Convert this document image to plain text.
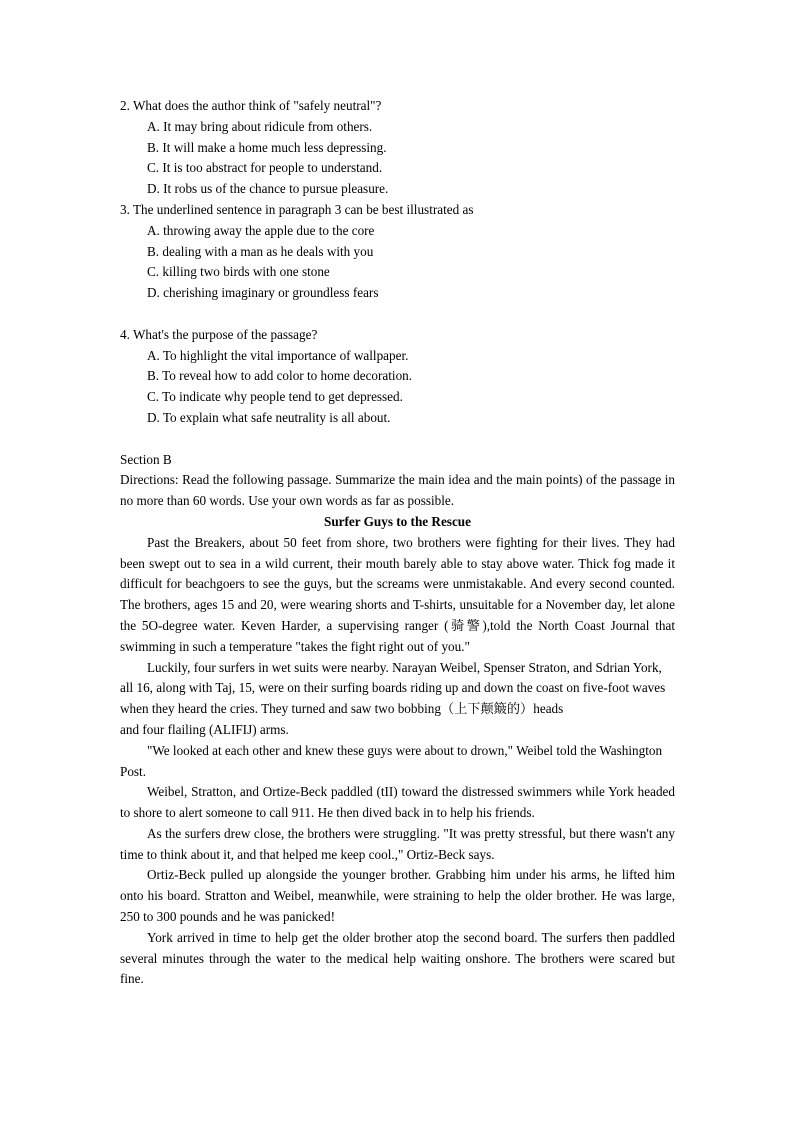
2. What does the author think of "safely neutral"?

A. It may bring about ridicule from others.

B. It will make a home much less depressing.

C. It is too abstract for people to understand.

D. It robs us of the chance to pursue pleasure.

3. The underlined sentence in paragraph 3 can be best illustrated as

A. throwing away the apple due to the core

B. dealing with a man as he deals with you

C. killing two birds with one stone

D. cherishing imaginary or groundless fears

4. What's the purpose of the passage?

A. To highlight the vital importance of wallpaper.

B. To reveal how to add color to home decoration.

C. To indicate why people tend to get depressed.

D. To explain what safe neutrality is all about.

Section B

Directions: Read the following passage. Summarize the main idea and the main points) of the passage in no more than 60 words. Use your own words as far as possible.

Surfer Guys to the Rescue

Past the Breakers, about 50 feet from shore, two brothers were fighting for their lives. They had been swept out to sea in a wild current, their mouth barely able to stay above water. Thick fog made it difficult for beachgoers to see the guys, but the screams were unmistakable. And every second counted. The brothers, ages 15 and 20, were wearing shorts and T-shirts, unsuitable for a November day, let alone the 5O-degree water. Keven Harder, a supervising ranger (骑警),told the North Coast Journal that swimming in such a temperature "takes the fight right out of you."

Luckily, four surfers in wet suits were nearby. Narayan Weibel, Spenser Straton, and Sdrian York, all 16, along with Taj, 15, were on their surfing boards riding up and down the coast on five-foot waves when they heard the cries. They turned and saw two bobbing（上下颠簸的）heads

and four flailing (ALIFIJ) arms.

"We looked at each other and knew these guys were about to drown," Weibel told the Washington Post.

Weibel, Stratton, and Ortize-Beck paddled (tII) toward the distressed swimmers while York headed to shore to alert someone to call 911. He then dived back in to help his friends.

As the surfers drew close, the brothers were struggling. "It was pretty stressful, but there wasn't any time to think about it, and that helped me keep cool.," Ortiz-Beck says.

Ortiz-Beck pulled up alongside the younger brother. Grabbing him under his arms, he lifted him onto his board. Stratton and Weibel, meanwhile, were straining to help the older brother. He was large, 250 to 300 pounds and he was panicked!

York arrived in time to help get the older brother atop the second board. The surfers then paddled several minutes through the water to the medical help waiting onshore. The brothers were scared but fine.
